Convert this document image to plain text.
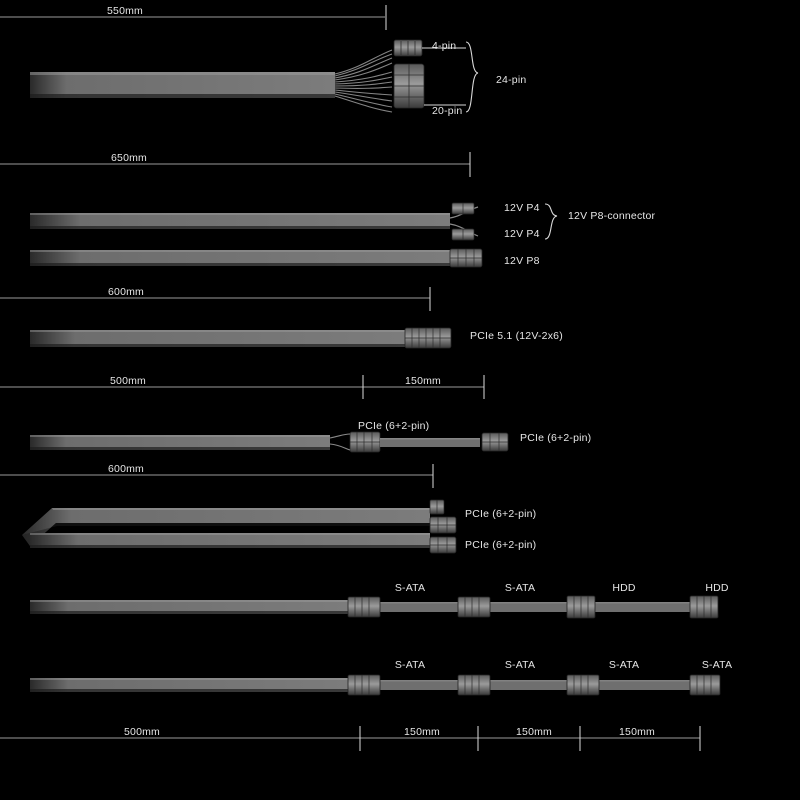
550mm
650mm
600mm
500mm	150mm
600mm
500mm	150mm	150mm	150mm
4-pin
24-pin
20-pin
12V P4
12V P4
12V P8-connector
12V P8
PCIe 5.1 (12V-2x6)
PCIe (6+2-pin)
PCIe (6+2-pin)
PCIe (6+2-pin)
PCIe (6+2-pin)
S-ATA	S-ATA	HDD	HDD
S-ATA	S-ATA	S-ATA	S-ATA
